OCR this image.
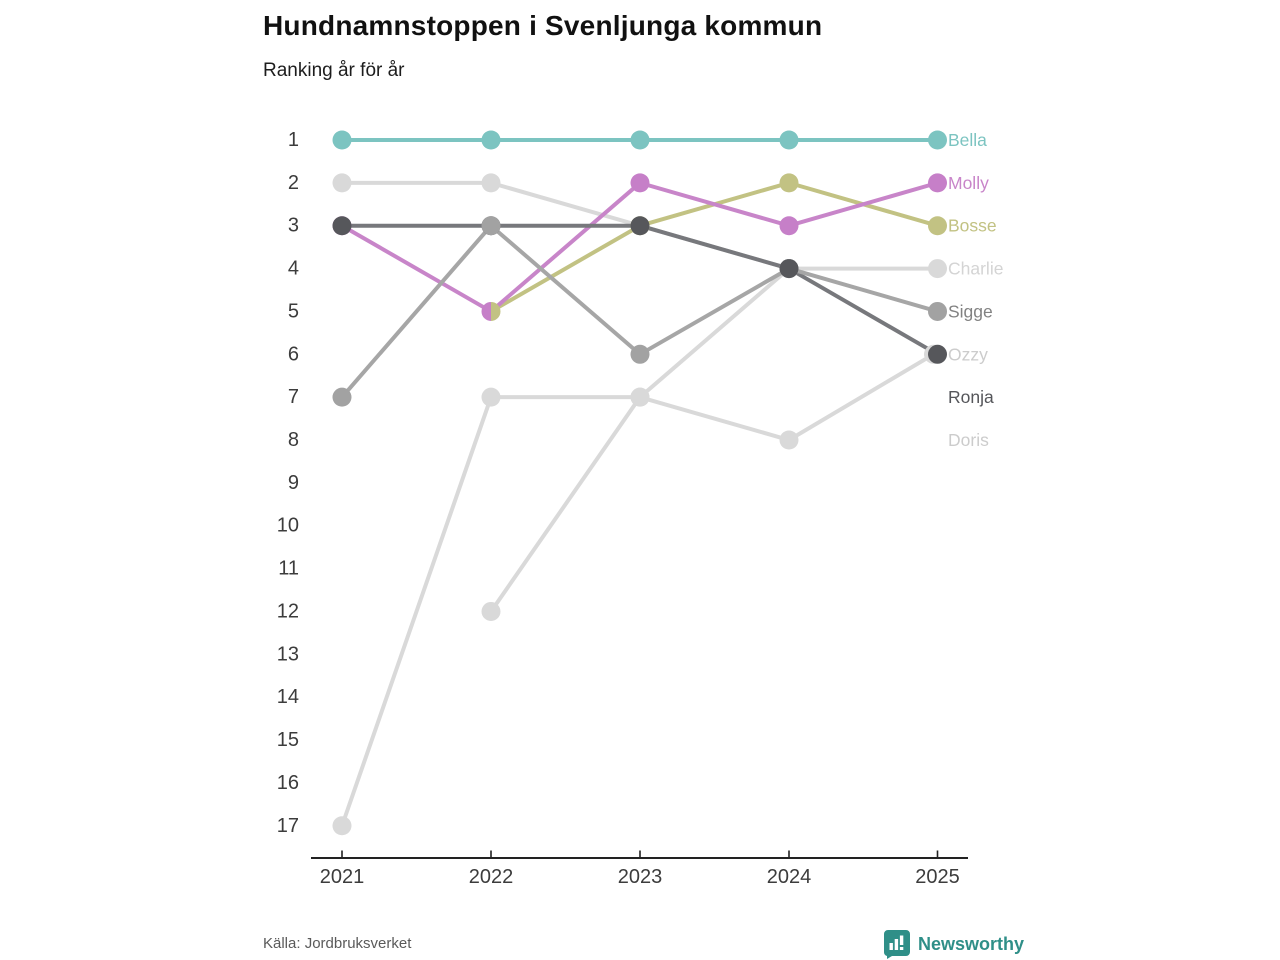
Hundnamnstoppen i Svenljunga kommun
Ranking år för år
1
2
3
4
5
6
7
8
9
10
11
12
13
14
15
16
17
2021	2022	2023	2024	2025
Bella
Molly
Bosse
Charlie
Sigge
Ozzy
Ronja
Doris
Källa: Jordbruksverket	Newsworthy
